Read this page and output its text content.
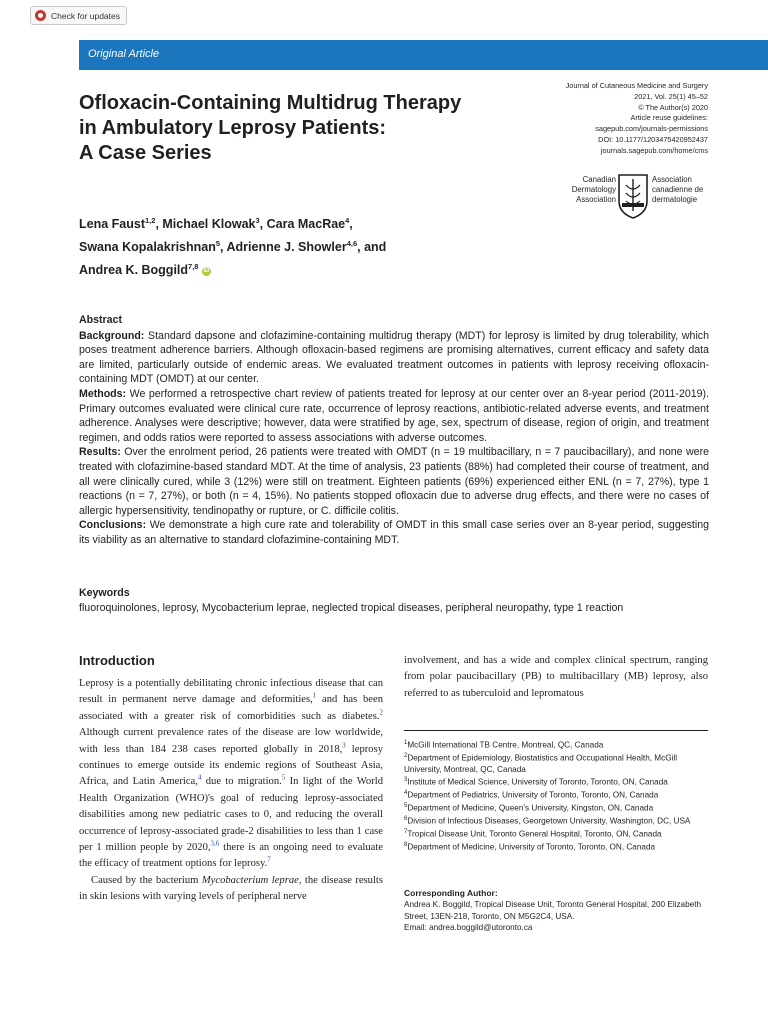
Check for updates
Original Article
Ofloxacin-Containing Multidrug Therapy
in Ambulatory Leprosy Patients:
A Case Series
Journal of Cutaneous Medicine and Surgery
2021, Vol. 25(1) 45–52
© The Author(s) 2020
Article reuse guidelines:
sagepub.com/journals-permissions
DOI: 10.1177/1203475420952437
journals.sagepub.com/home/cms
Canadian
Dermatology
Association
Association
canadienne de
dermatologie
Lena Faust$^{1,2}$, Michael Klowak$^3$, Cara MacRae$^4$,
Swana Kopalakrishnan$^5$, Adrienne J. Showler$^{4,6}$, and
Andrea K. Boggild$^{7,8}$ iD
Abstract

Background: Standard dapsone and clofazimine-containing multidrug therapy (MDT) for leprosy is limited by drug tolerability, which poses treatment adherence barriers. Although ofloxacin-based regimens are promising alternatives, current efficacy and safety data are limited, particularly outside of endemic areas. We evaluated treatment outcomes in patients with leprosy receiving ofloxacin-containing MDT (OMDT) at our center.

Methods: We performed a retrospective chart review of patients treated for leprosy at our center over an 8-year period (2011-2019). Primary outcomes evaluated were clinical cure rate, occurrence of leprosy reactions, antibiotic-related adverse events, and treatment adherence. Analyses were descriptive; however, data were stratified by age, sex, spectrum of disease, region of origin, and treatment regimen, and odds ratios were reported to assess associations with adverse outcomes.

Results: Over the enrolment period, 26 patients were treated with OMDT (n = 19 multibacillary, n = 7 paucibacillary), and none were treated with clofazimine-based standard MDT. At the time of analysis, 23 patients (88%) had completed their course of treatment, and all were clinically cured, while 3 (12%) were still on treatment. Eighteen patients (69%) experienced either ENL (n = 7, 27%), type 1 reactions (n = 7, 27%), or both (n = 4, 15%). No patients stopped ofloxacin due to adverse drug effects, and there were no cases of allergic hypersensitivity, tendinopathy or rupture, or C. difficile colitis.

Conclusions: We demonstrate a high cure rate and tolerability of OMDT in this small case series over an 8-year period, suggesting its viability as an alternative to standard clofazimine-containing MDT.

Keywords
fluoroquinolones, leprosy, Mycobacterium leprae, neglected tropical diseases, peripheral neuropathy, type 1 reaction
Introduction

Leprosy is a potentially debilitating chronic infectious disease that can result in permanent nerve damage and deformities,$^1$ and has been associated with a greater risk of comorbidities such as diabetes.$^2$ Although current prevalence rates of the disease are low worldwide, with less than 184 238 cases reported globally in 2018,$^3$ leprosy continues to emerge outside its endemic regions of Southeast Asia, Africa, and Latin America,$^4$ due to migration.$^5$ In light of the World Health Organization (WHO)'s goal of reducing leprosy-associated disabilities among new pediatric cases to 0, and reducing the overall occurrence of leprosy-associated grade-2 disabilities to less than 1 case per 1 million people by 2020,$^{3,6}$ there is an ongoing need to evaluate the efficacy of treatment options for leprosy.$^7$

Caused by the bacterium Mycobacterium leprae, the disease results in skin lesions with varying levels of peripheral nerve

involvement, and has a wide and complex clinical spectrum, ranging from polar paucibacillary (PB) to multibacillary (MB) leprosy, also referred to as tuberculoid and lepromatous
$^1$McGill International TB Centre, Montreal, QC, Canada
$^2$Department of Epidemiology, Biostatistics and Occupational Health, McGill University, Montreal, QC, Canada
$^3$Institute of Medical Science, University of Toronto, Toronto, ON, Canada
$^4$Department of Pediatrics, University of Toronto, Toronto, ON, Canada
$^5$Department of Medicine, Queen's University, Kingston, ON, Canada
$^6$Division of Infectious Diseases, Georgetown University, Washington, DC, USA
$^7$Tropical Disease Unit, Toronto General Hospital, Toronto, ON, Canada
$^8$Department of Medicine, University of Toronto, Toronto, ON, Canada
Corresponding Author:
Andrea K. Boggild, Tropical Disease Unit, Toronto General Hospital, 200 Elizabeth Street, 13EN-218, Toronto, ON M5G2C4, USA.
Email: andrea.boggild@utoronto.ca
